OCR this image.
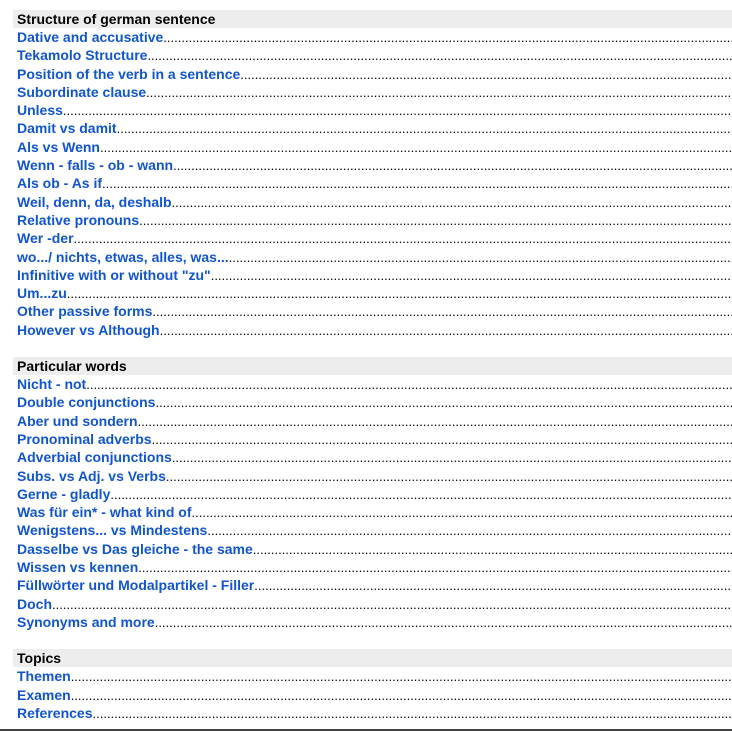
Structure of german sentence
Dative and accusative
.....
Tekamolo Structure
.....
Position of the verb in a sentence
.....
Subordinate clause
.....
Unless
.....
Damit vs damit
.....
Als vs Wenn
.....
Wenn - falls - ob - wann
.....
Als ob - As if
.....
Weil, denn, da, deshalb
.....
Relative pronouns
.....
Wer -der
.....
wo.../ nichts, etwas, alles, was...
.....
Infinitive with or without "zu"
.....
Um...zu
.....
Other passive forms
.....
However vs Although
.....
Particular words
Nicht - not
.....
Double conjunctions
.....
Aber und sondern
.....
Pronominal adverbs
.....
Adverbial conjunctions
.....
Subs. vs Adj. vs Verbs
.....
Gerne - gladly
.....
Was für ein* - what kind of
.....
Wenigstens... vs Mindestens
.....
Dasselbe vs Das gleiche - the same
.....
Wissen vs kennen
.....
Füllwörter und Modalpartikel - Filler
.....
Doch
.....
Synonyms and more
.....
Topics
Themen
.....
Examen
.....
References
.....
